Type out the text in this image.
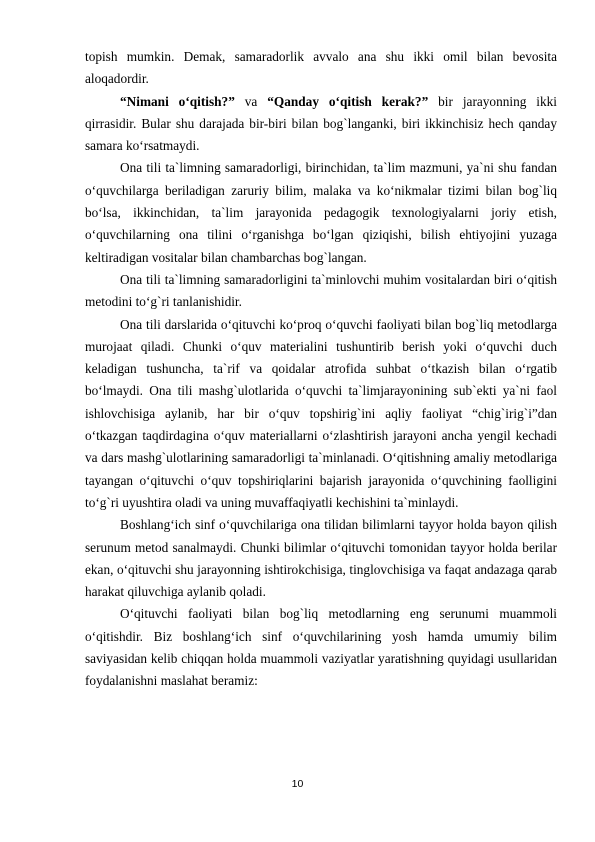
topish mumkin. Demak, samaradorlik avvalo ana shu ikki omil bilan bevosita aloqadordir.

“Nimani o‘qitish?” va “Qanday o‘qitish kerak?” bir jarayonning ikki qirrasidir. Bular shu darajada bir-biri bilan bog`langanki, biri ikkinchisiz hech qanday samara ko‘rsatmaydi.

Ona tili ta`limning samaradorligi, birinchidan, ta`lim mazmuni, ya`ni shu fandan o‘quvchilarga beriladigan zaruriy bilim, malaka va ko‘nikmalar tizimi bilan bog`liq bo‘lsa, ikkinchidan, ta`lim jarayonida pedagogik texnologiyalarni joriy etish, o‘quvchilarning ona tilini o‘rganishga bo‘lgan qiziqishi, bilish ehtiyojini yuzaga keltiradigan vositalar bilan chambarchas bog`langan.

Ona tili ta`limning samaradorligini ta`minlovchi muhim vositalardan biri o‘qitish metodini to‘g`ri tanlanishidir.

Ona tili darslarida o‘qituvchi ko‘proq o‘quvchi faoliyati bilan bog`liq metodlarga murojaat qiladi. Chunki o‘quv materialini tushuntirib berish yoki o‘quvchi duch keladigan tushuncha, ta`rif va qoidalar atrofida suhbat o‘tkazish bilan o‘rgatib bo‘lmaydi. Ona tili mashg`ulotlarida o‘quvchi ta`limjarayonining sub`ekti ya`ni faol ishlovchisiga aylanib, har bir o‘quv topshirig`ini aqliy faoliyat “chig`irig`i”dan o‘tkazgan taqdirdagina o‘quv materiallarni o‘zlashtirish jarayoni ancha yengil kechadi va dars mashg`ulotlarining samaradorligi ta`minlanadi. O‘qitishning amaliy metodlariga tayangan o‘qituvchi o‘quv topshiriqlarini bajarish jarayonida o‘quvchining faolligini to‘g`ri uyushtira oladi va uning muvaffaqiyatli kechishini ta`minlaydi.

Boshlang‘ich sinf o‘quvchilariga ona tilidan bilimlarni tayyor holda bayon qilish serunum metod sanalmaydi. Chunki bilimlar o‘qituvchi tomonidan tayyor holda berilar ekan, o‘qituvchi shu jarayonning ishtirokchisiga, tinglovchisiga va faqat andazaga qarab harakat qiluvchiga aylanib qoladi.

O‘qituvchi faoliyati bilan bog`liq metodlarning eng serunumi muammoli o‘qitishdir. Biz boshlang‘ich sinf o‘quvchilarining yosh hamda umumiy bilim saviyasidan kelib chiqqan holda muammoli vaziyatlar yaratishning quyidagi usullaridan foydalanishni maslahat beramiz:

10
